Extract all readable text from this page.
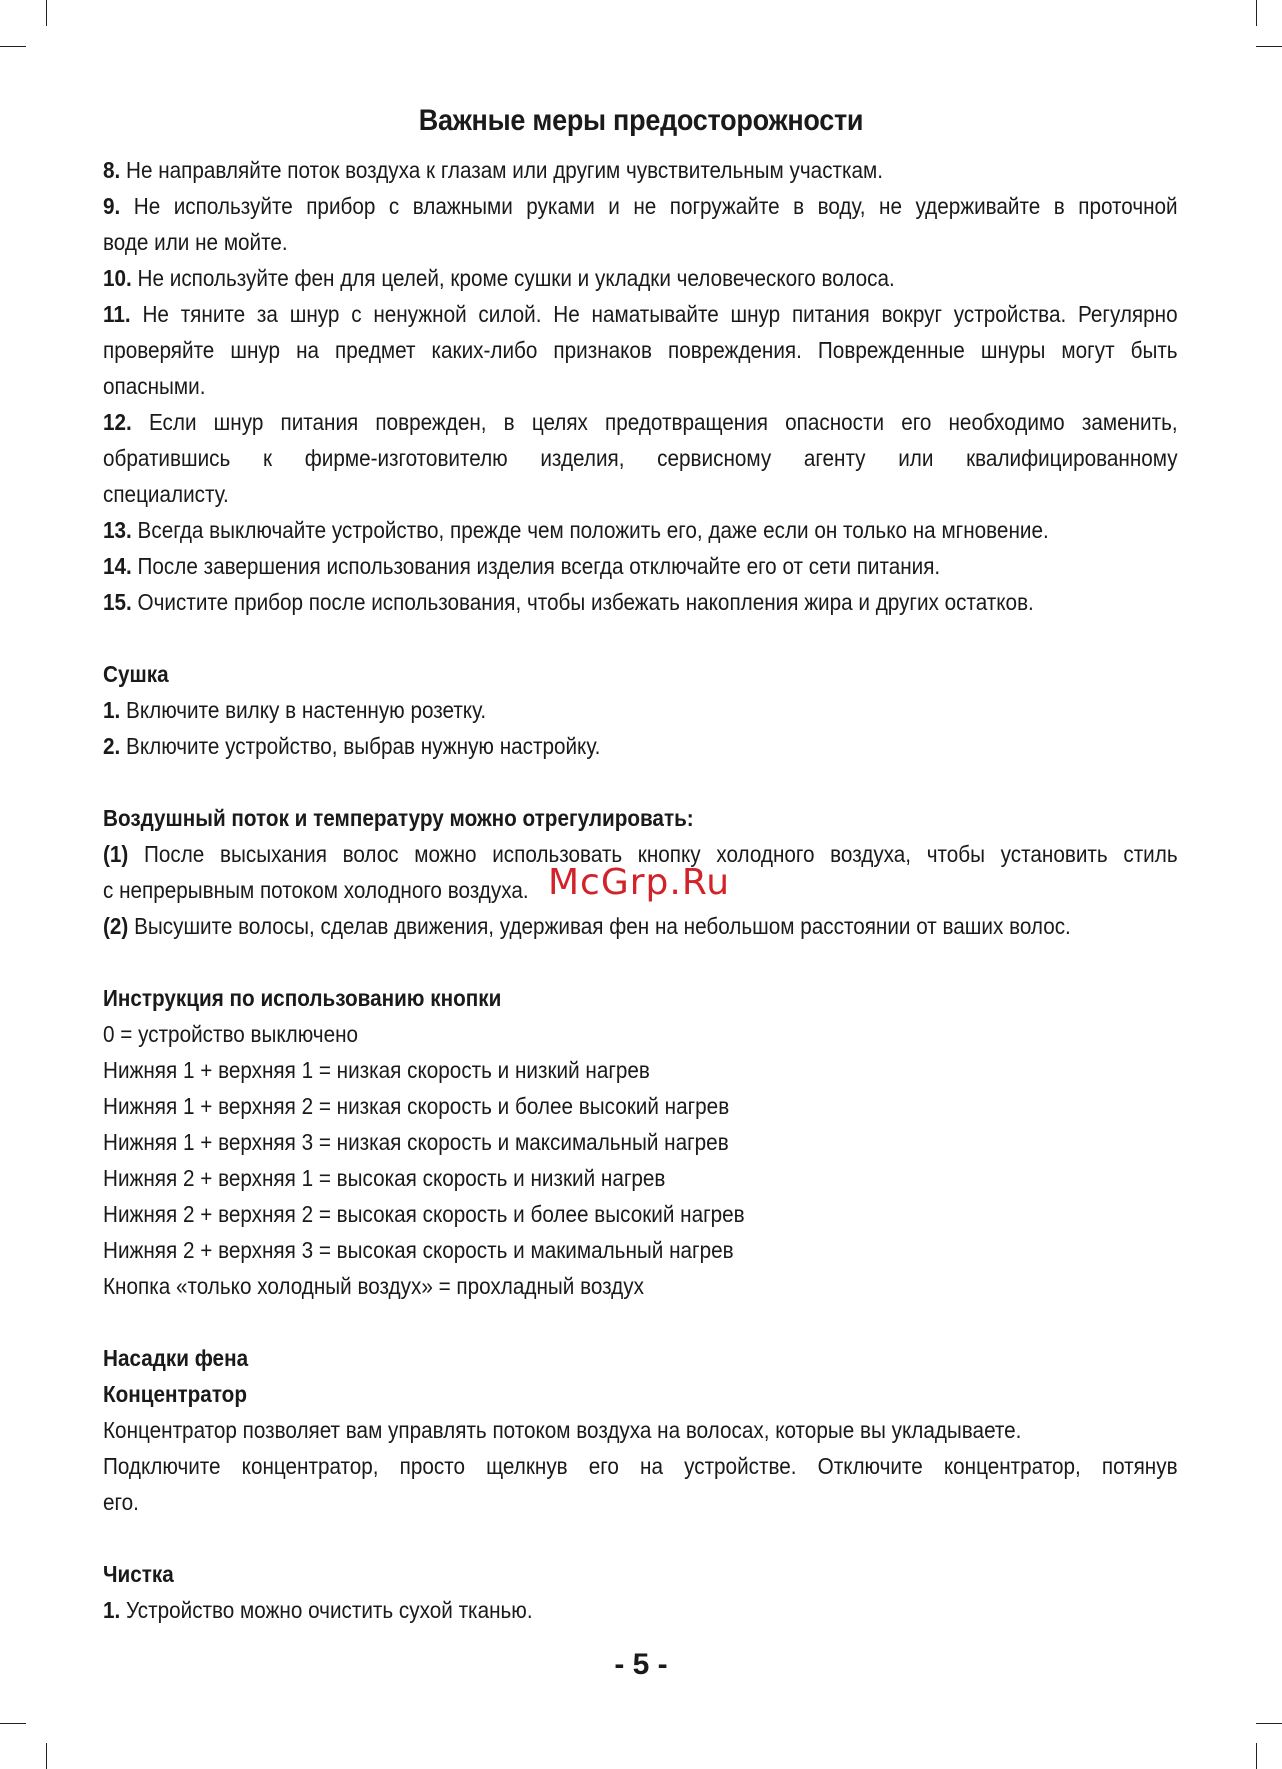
Важные меры предосторожности

8. Не направляйте поток воздуха к глазам или другим чувствительным участкам.

9. Не используйте прибор с влажными руками и не погружайте в воду, не удерживайте в проточной

воде или не мойте.

10. Не используйте фен для целей, кроме сушки и укладки человеческого волоса.

11. Не тяните за шнур с ненужной силой. Не наматывайте шнур питания вокруг устройства. Регулярно

проверяйте шнур на предмет каких-либо признаков повреждения. Поврежденные шнуры могут быть

опасными.

12. Если шнур питания поврежден, в целях предотвращения опасности его необходимо заменить,

обратившись к фирме-изготовителю изделия, сервисному агенту или квалифицированному

специалисту.

13. Всегда выключайте устройство, прежде чем положить его, даже если он только на мгновение.

14. После завершения использования изделия всегда отключайте его от сети питания.

15. Очистите прибор после использования, чтобы избежать накопления жира и других остатков.

Сушка

1. Включите вилку в настенную розетку.

2. Включите устройство, выбрав нужную настройку.

Воздушный поток и температуру можно отрегулировать:

(1) После высыхания волос можно использовать кнопку холодного воздуха, чтобы установить стиль

с непрерывным потоком холодного воздуха.

(2) Высушите волосы, сделав движения, удерживая фен на небольшом расстоянии от ваших волос.

Инструкция по использованию кнопки

0 = устройство выключено

Нижняя 1 + верхняя 1 = низкая скорость и низкий нагрев

Нижняя 1 + верхняя 2 = низкая скорость и более высокий нагрев

Нижняя 1 + верхняя 3 = низкая скорость и максимальный нагрев

Нижняя 2 + верхняя 1 = высокая скорость и низкий нагрев

Нижняя 2 + верхняя 2 = высокая скорость и более высокий нагрев

Нижняя 2 + верхняя 3 = высокая скорость и макимальный нагрев

Кнопка «только холодный воздух» = прохладный воздух

Насадки фена
Концентратор

Концентратор позволяет вам управлять потоком воздуха на волосах, которые вы укладываете.

Подключите концентратор, просто щелкнув его на устройстве. Отключите концентратор, потянув

его.

Чистка

1. Устройство можно очистить сухой тканью.

McGrp.Ru
- 5 -
